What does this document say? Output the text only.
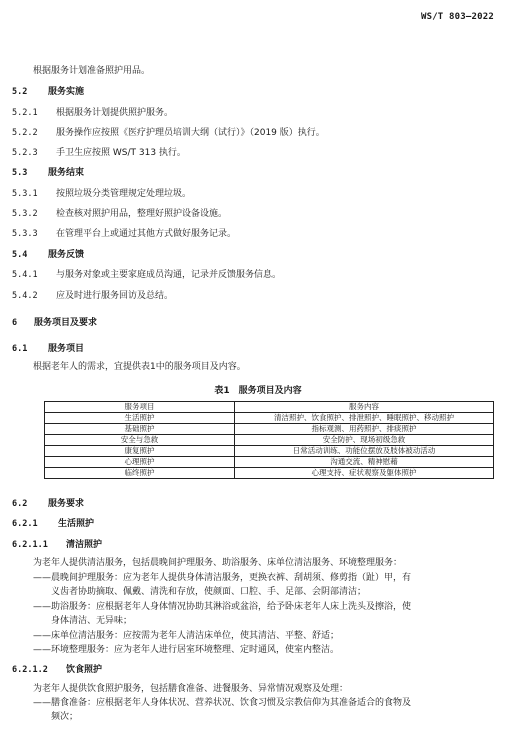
WS/T 803—2022
根据服务计划准备照护用品。
5.2 服务实施
5.2.1 根据服务计划提供照护服务。
5.2.2 服务操作应按照《医疗护理员培训大纲（试行）》（2019 版）执行。
5.2.3 手卫生应按照 WS/T 313 执行。
5.3 服务结束
5.3.1 按照垃圾分类管理规定处理垃圾。
5.3.2 检查核对照护用品，整理好照护设备设施。
5.3.3 在管理平台上或通过其他方式做好服务记录。
5.4 服务反馈
5.4.1 与服务对象或主要家庭成员沟通，记录并反馈服务信息。
5.4.2 应及时进行服务回访及总结。
6 服务项目及要求
6.1 服务项目
根据老年人的需求，宜提供表1中的服务项目及内容。
表1　服务项目及内容
服务项目	服务内容
生活照护	清洁照护、饮食照护、排泄照护、睡眠照护、移动照护
基础照护	指标观测、用药照护、排痰照护
安全与急救	安全防护、现场初级急救
康复照护	日常活动训练、功能位摆放及肢体被动活动
心理照护	沟通交流、精神慰藉
临终照护	心理支持、症状观察及躯体照护
6.2 服务要求
6.2.1 生活照护
6.2.1.1 清洁照护
为老年人提供清洁服务，包括晨晚间护理服务、助浴服务、床单位清洁服务、环境整理服务：
——晨晚间护理服务：应为老年人提供身体清洁服务，更换衣裤、刮胡须、修剪指（趾）甲，有
义齿者协助摘取、佩戴、清洗和存放，使颜面、口腔、手、足部、会阴部清洁；
——助浴服务：应根据老年人身体情况协助其淋浴或盆浴，给予卧床老年人床上洗头及擦浴，使
身体清洁、无异味；
——床单位清洁服务：应按需为老年人清洁床单位，使其清洁、平整、舒适；
——环境整理服务：应为老年人进行居室环境整理、定时通风，使室内整洁。
6.2.1.2 饮食照护
为老年人提供饮食照护服务，包括膳食准备、进餐服务、异常情况观察及处理：
——膳食准备：应根据老年人身体状况、营养状况、饮食习惯及宗教信仰为其准备适合的食物及
频次；
